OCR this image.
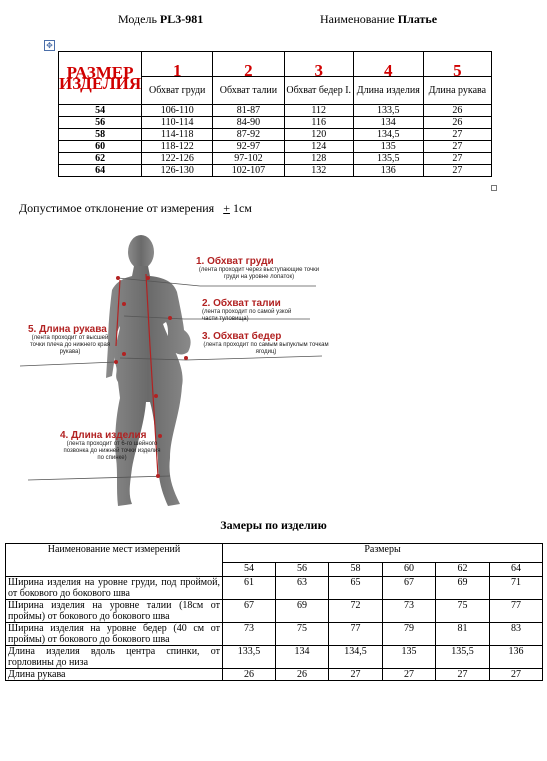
Модель PL3-981	Наименование Платье
✥
РАЗМЕР ИЗДЕЛИЯ	1	2	3	4	5
	Обхват груди	Обхват талии	Обхват бедер I.	Длина изделия	Длина рукава
54	106-110	81-87	112	133,5	26
56	110-114	84-90	116	134	26
58	114-118	87-92	120	134,5	27
60	118-122	92-97	124	135	27
62	122-126	97-102	128	135,5	27
64	126-130	102-107	132	136	27
Допустимое отклонение от измерения + 1см
1. Обхват груди
(лента проходит через выступающие точки груди на уровне лопаток)
2. Обхват талии
(лента проходит по самой узкой части туловища)
3. Обхват бедер
(лента проходит по самым выпуклым точкам ягодиц)
4. Длина изделия
(лента проходит от 6-го шейного позвонка до нижней точки изделия по спинке)
5. Длина рукава
(лента проходит от высшей точки плеча до нижнего края рукава)
Замеры по изделию
Наименование мест измерений	Размеры					
	54	56	58	60	62	64
Ширина изделия на уровне груди, под проймой, от бокового до бокового шва	61	63	65	67	69	71
Ширина изделия на уровне талии (18см от проймы) от бокового до бокового шва	67	69	72	73	75	77
Ширина изделия на уровне бедер (40 см от проймы) от бокового до бокового шва	73	75	77	79	81	83
Длина изделия вдоль центра спинки, от горловины до низа	133,5	134	134,5	135	135,5	136
Длина рукава	26	26	27	27	27	27
